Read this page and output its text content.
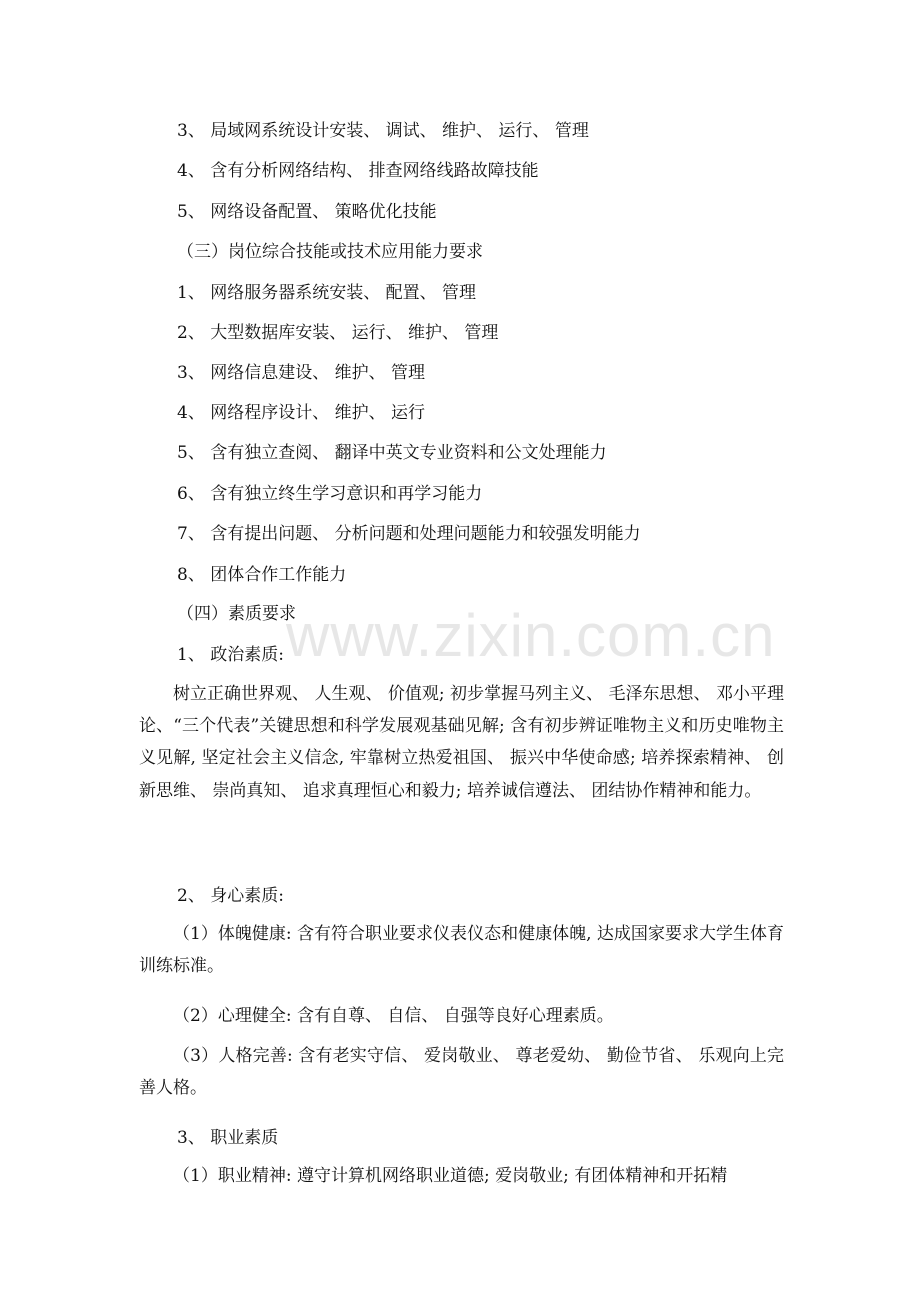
3、 局域网系统设计安装、 调试、 维护、 运行、 管理
4、 含有分析网络结构、 排查网络线路故障技能
5、 网络设备配置、 策略优化技能
（三）岗位综合技能或技术应用能力要求
1、 网络服务器系统安装、 配置、 管理
2、 大型数据库安装、 运行、 维护、 管理
3、 网络信息建设、 维护、 管理
4、 网络程序设计、 维护、 运行
5、 含有独立查阅、 翻译中英文专业资料和公文处理能力
6、 含有独立终生学习意识和再学习能力
7、 含有提出问题、 分析问题和处理问题能力和较强发明能力
8、 团体合作工作能力
（四）素质要求
1、 政治素质:
树立正确世界观、 人生观、 价值观; 初步掌握马列主义、 毛泽东思想、 邓小平理论、“三个代表”关键思想和科学发展观基础见解; 含有初步辨证唯物主义和历史唯物主义见解, 坚定社会主义信念, 牢靠树立热爱祖国、 振兴中华使命感; 培养探索精神、 创新思维、 崇尚真知、 追求真理恒心和毅力; 培养诚信遵法、 团结协作精神和能力。
2、 身心素质:
（1）体魄健康: 含有符合职业要求仪表仪态和健康体魄, 达成国家要求大学生体育训练标准。
（2）心理健全: 含有自尊、 自信、 自强等良好心理素质。
（3）人格完善: 含有老实守信、 爱岗敬业、 尊老爱幼、 勤俭节省、 乐观向上完善人格。
3、 职业素质
（1）职业精神: 遵守计算机网络职业道德; 爱岗敬业; 有团体精神和开拓精
www.zixin.com.cn
